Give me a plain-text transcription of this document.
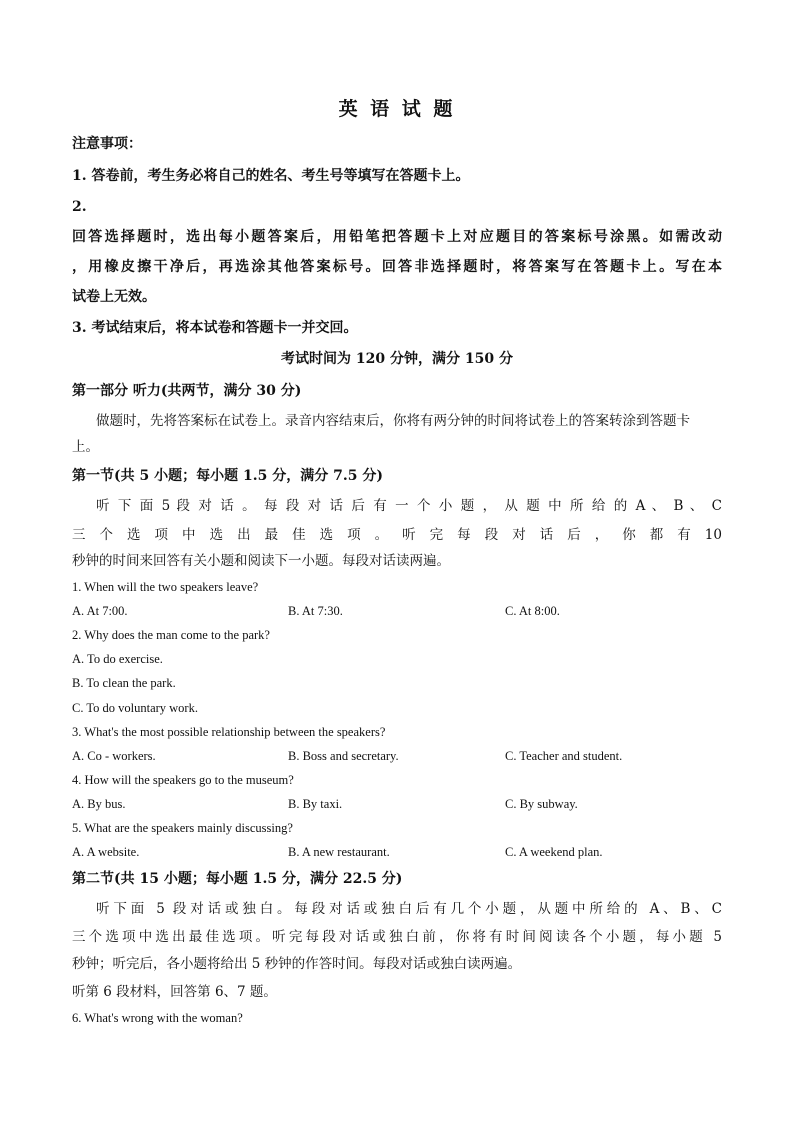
英 语 试 题
注意事项：
1. 答卷前，考生务必将自己的姓名、考生号等填写在答题卡上。
2.
回答选择题时，选出每小题答案后，用铅笔把答题卡上对应题目的答案标号涂黑。如需改动
，用橡皮擦干净后，再选涂其他答案标号。回答非选择题时，将答案写在答题卡上。写在本
试卷上无效。
3. 考试结束后，将本试卷和答题卡一并交回。
考试时间为 120 分钟，满分 150 分
第一部分 听力(共两节，满分 30 分)
做题时，先将答案标在试卷上。录音内容结束后，你将有两分钟的时间将试卷上的答案转涂到答题卡
上。
第一节(共 5 小题；每小题 1.5 分，满分 7.5 分)
听 下 面 5 段 对 话 。 每 段 对 话 后 有 一 个 小 题 ， 从 题 中 所 给 的 A 、 B 、 C
三 个 选 项 中 选 出 最 佳 选 项 。 听 完 每 段 对 话 后 ， 你 都 有 10
秒钟的时间来回答有关小题和阅读下一小题。每段对话读两遍。
1. When will the two speakers leave?
A. At 7:00.	B. At 7:30.	C. At 8:00.
2. Why does the man come to the park?
A. To do exercise.
B. To clean the park.
C. To do voluntary work.
3. What's the most possible relationship between the speakers?
A. Co - workers.	B. Boss and secretary.	C. Teacher and student.
4. How will the speakers go to the museum?
A. By bus.	B. By taxi.	C. By subway.
5. What are the speakers mainly discussing?
A. A website.	B. A new restaurant.	C. A weekend plan.
第二节(共 15 小题；每小题 1.5 分，满分 22.5 分)
听下面 5 段对话或独白。每段对话或独白后有几个小题，从题中所给的 A、B、C
三个选项中选出最佳选项。听完每段对话或独白前，你将有时间阅读各个小题，每小题 5
秒钟；听完后，各小题将给出 5 秒钟的作答时间。每段对话或独白读两遍。
听第 6 段材料，回答第 6、7 题。
6. What's wrong with the woman?
